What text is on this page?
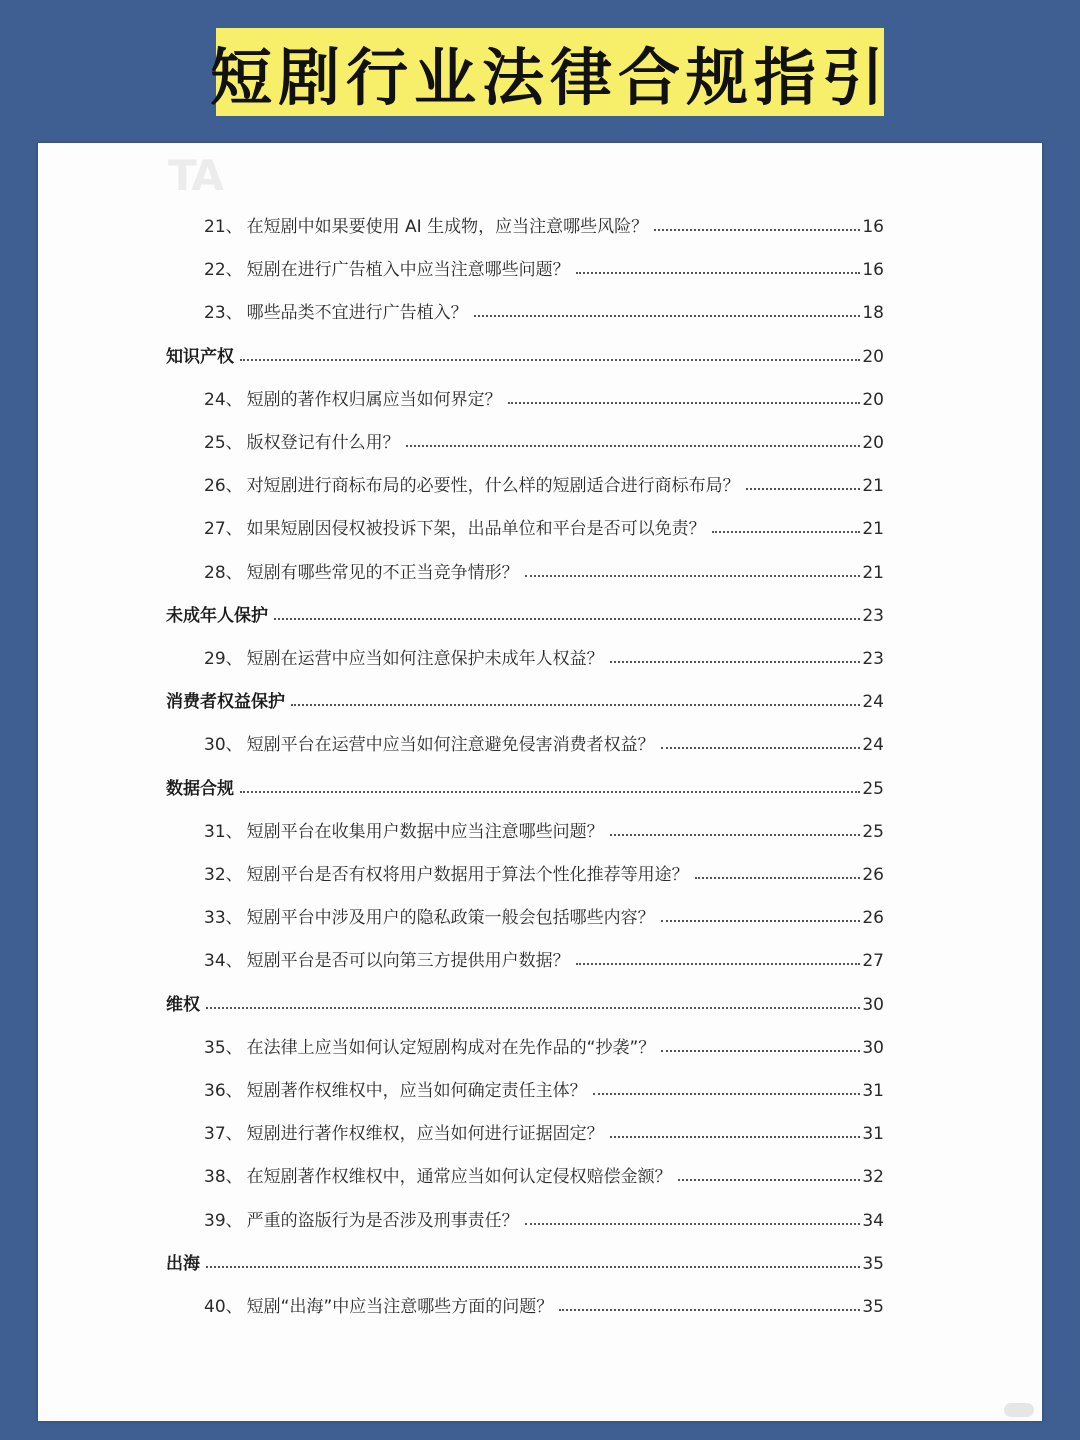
短剧行业法律合规指引
TA
21、 在短剧中如果要使用 AI 生成物，应当注意哪些风险？	16
22、 短剧在进行广告植入中应当注意哪些问题？	16
23、 哪些品类不宜进行广告植入？	18
知识产权	20
24、 短剧的著作权归属应当如何界定？	20
25、 版权登记有什么用？	20
26、 对短剧进行商标布局的必要性，什么样的短剧适合进行商标布局？	21
27、 如果短剧因侵权被投诉下架，出品单位和平台是否可以免责？	21
28、 短剧有哪些常见的不正当竞争情形？	21
未成年人保护	23
29、 短剧在运营中应当如何注意保护未成年人权益？	23
消费者权益保护	24
30、 短剧平台在运营中应当如何注意避免侵害消费者权益？	24
数据合规	25
31、 短剧平台在收集用户数据中应当注意哪些问题？	25
32、 短剧平台是否有权将用户数据用于算法个性化推荐等用途？	26
33、 短剧平台中涉及用户的隐私政策一般会包括哪些内容？	26
34、 短剧平台是否可以向第三方提供用户数据？	27
维权	30
35、 在法律上应当如何认定短剧构成对在先作品的“抄袭”？	30
36、 短剧著作权维权中，应当如何确定责任主体？	31
37、 短剧进行著作权维权，应当如何进行证据固定？	31
38、 在短剧著作权维权中，通常应当如何认定侵权赔偿金额？	32
39、 严重的盗版行为是否涉及刑事责任？	34
出海	35
40、 短剧“出海”中应当注意哪些方面的问题？	35
